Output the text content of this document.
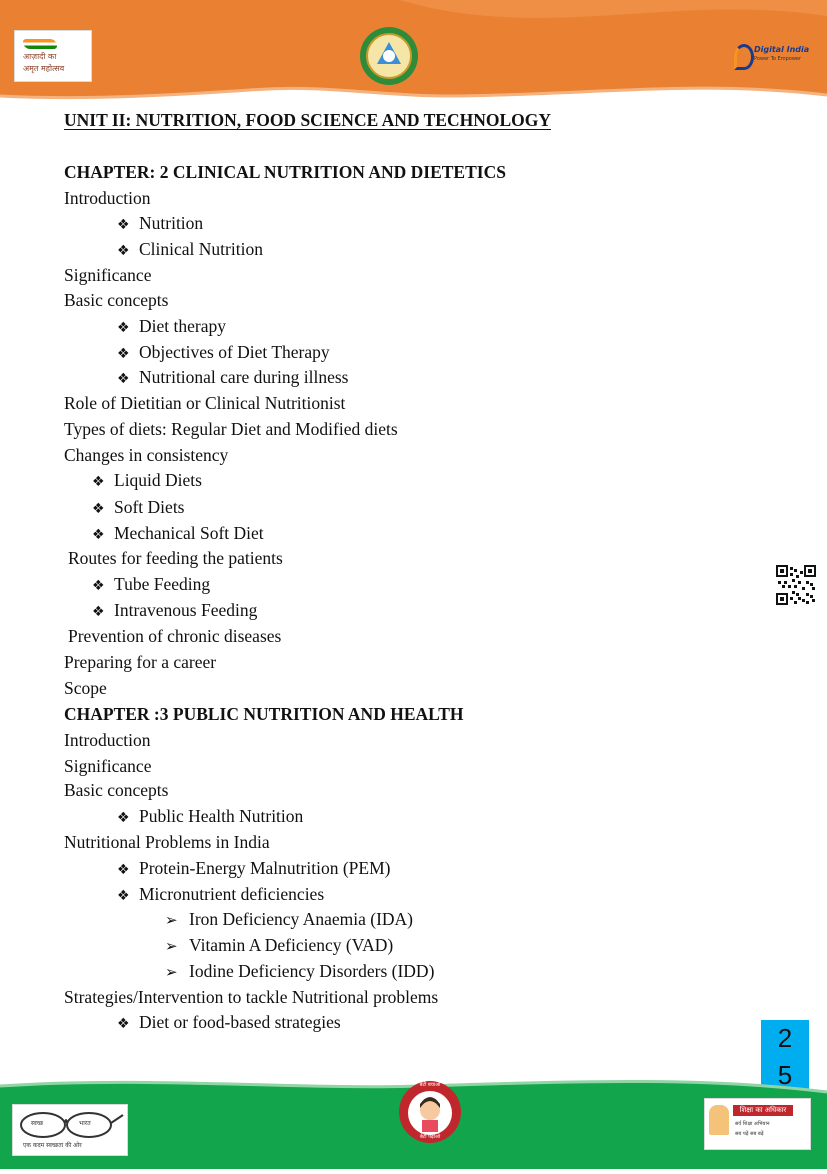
आज़ादी का
अमृत महोत्सव
Digital India
Power To Empower
2
5
स्वच्छ	भारत
एक कदम स्वच्छता की ओर
बेटी बचाओ
बेटी पढ़ाओ
शिक्षा का अधिकार
सर्व शिक्षा अभियान
सब पढ़ें सब बढ़ें
UNIT II: NUTRITION, FOOD SCIENCE AND TECHNOLOGY
CHAPTER: 2 CLINICAL NUTRITION AND DIETETICS
Introduction
❖ Nutrition
❖ Clinical Nutrition
Significance
Basic concepts
❖ Diet therapy
❖ Objectives of Diet Therapy
❖ Nutritional care during illness
Role of Dietitian or Clinical Nutritionist
Types of diets: Regular Diet and Modified diets
Changes in consistency
❖ Liquid Diets
❖ Soft Diets
❖ Mechanical Soft Diet
Routes for feeding the patients
❖ Tube Feeding
❖ Intravenous Feeding
Prevention of chronic diseases
Preparing for a career
Scope
CHAPTER :3 PUBLIC NUTRITION AND HEALTH
Introduction
Significance
Basic concepts
❖ Public Health Nutrition
Nutritional Problems in India
❖ Protein-Energy Malnutrition (PEM)
❖ Micronutrient deficiencies
➢ Iron Deficiency Anaemia (IDA)
➢ Vitamin A Deficiency (VAD)
➢ Iodine Deficiency Disorders (IDD)
Strategies/Intervention to tackle Nutritional problems
❖ Diet or food-based strategies
